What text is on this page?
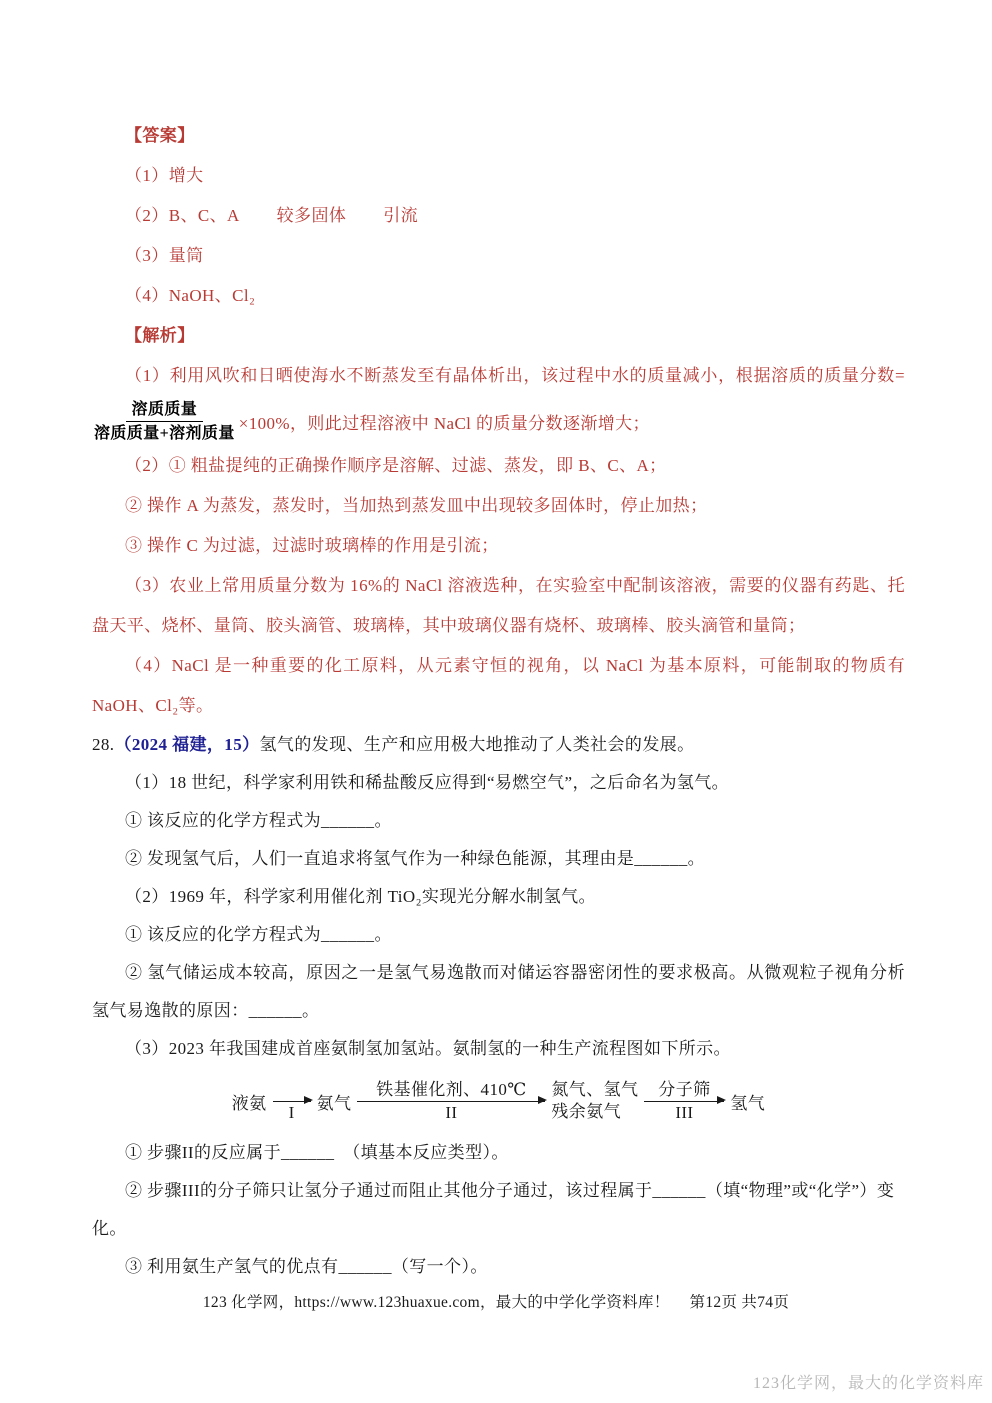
【答案】
（1）增大
（2）B、C、A 较多固体 引流
（3）量筒
（4）NaOH、Cl₂
【解析】
（1）利用风吹和日晒使海水不断蒸发至有晶体析出，该过程中水的质量减小，根据溶质的质量分数=
$\frac{\text{溶质质量}}{\text{溶质质量+溶剂质量}} \times 100\%$，则此过程溶液中 NaCl 的质量分数逐渐增大；
（2）① 粗盐提纯的正确操作顺序是溶解、过滤、蒸发，即 B、C、A；
② 操作 A 为蒸发，蒸发时，当加热到蒸发皿中出现较多固体时，停止加热；
③ 操作 C 为过滤，过滤时玻璃棒的作用是引流；
（3）农业上常用质量分数为 16%的 NaCl 溶液选种，在实验室中配制该溶液，需要的仪器有药匙、托
盘天平、烧杯、量筒、胶头滴管、玻璃棒，其中玻璃仪器有烧杯、玻璃棒、胶头滴管和量筒；
（4）NaCl 是一种重要的化工原料，从元素守恒的视角，以 NaCl 为基本原料，可能制取的物质有
NaOH、Cl₂等。
28.（2024 福建，15）氢气的发现、生产和应用极大地推动了人类社会的发展。
（1）18 世纪，科学家利用铁和稀盐酸反应得到“易燃空气”，之后命名为氢气。
① 该反应的化学方程式为______。
② 发现氢气后，人们一直追求将氢气作为一种绿色能源，其理由是______。
（2）1969 年，科学家利用催化剂 TiO₂实现光分解水制氢气。
① 该反应的化学方程式为______。
② 氢气储运成本较高，原因之一是氢气易逸散而对储运容器密闭性的要求极高。从微观粒子视角分析
氢气易逸散的原因：______。
（3）2023 年我国建成首座氨制氢加氢站。氨制氢的一种生产流程图如下所示。
液氨 I 氨气
铁基催化剂、410℃
II
氮气、氢气
残余氨气
分子筛
III 氢气
① 步骤II的反应属于______　（填基本反应类型）。
② 步骤III的分子筛只让氢分子通过而阻止其他分子通过，该过程属于______（填“物理”或“化学”）变
化。
③ 利用氨生产氢气的优点有______（写一个）。
123 化学网，https://www.123huaxue.com，最大的中学化学资料库！　 第12页 共74页
123化学网，最大的化学资料库
